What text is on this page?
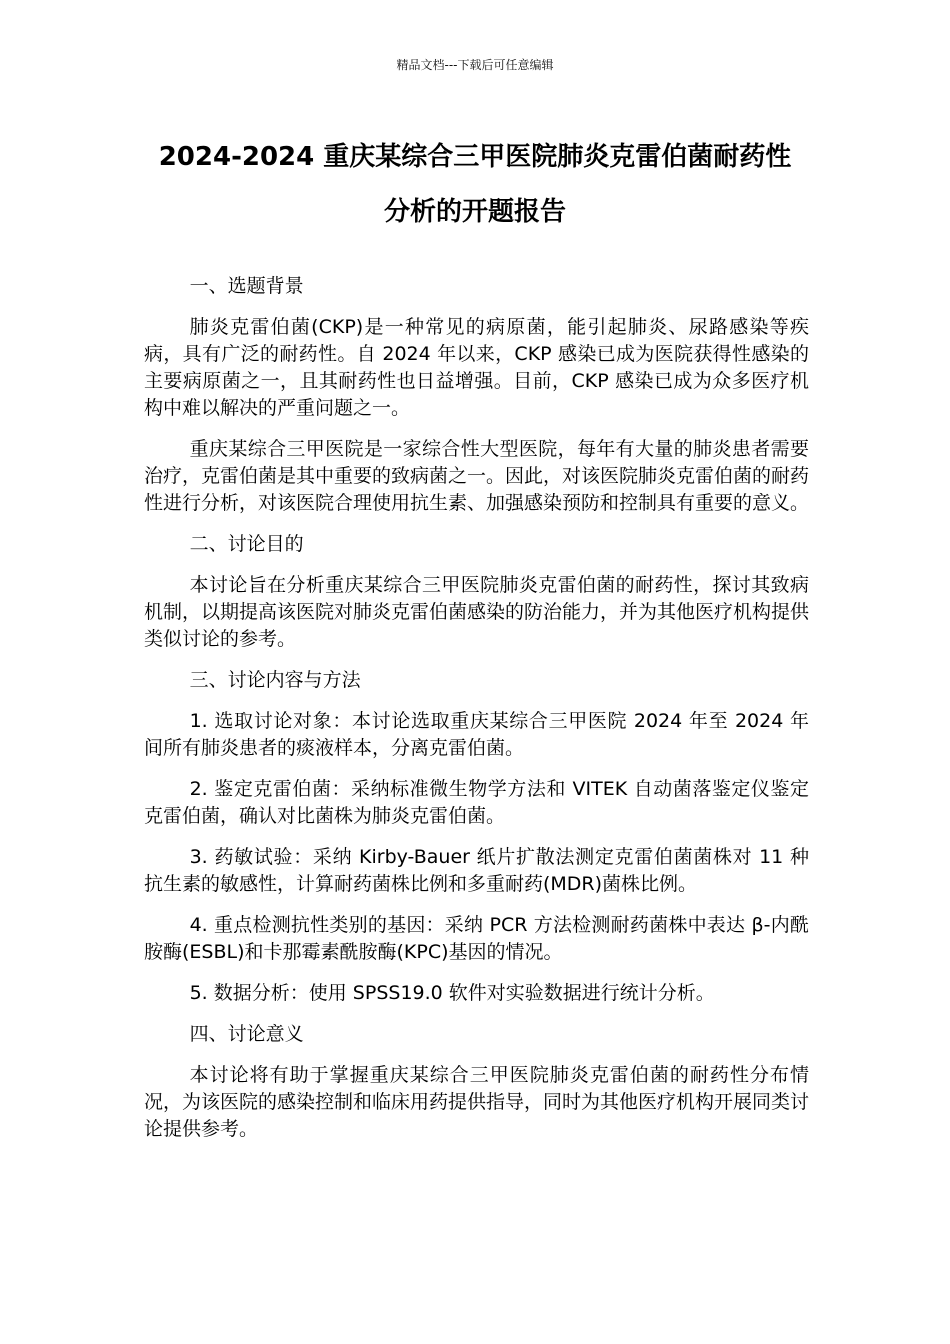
精品文档---下载后可任意编辑
2024-2024 重庆某综合三甲医院肺炎克雷伯菌耐药性
分析的开题报告

一、选题背景

肺炎克雷伯菌(CKP)是一种常见的病原菌，能引起肺炎、尿路感染等疾病，具有广泛的耐药性。自 2024 年以来，CKP 感染已成为医院获得性感染的主要病原菌之一，且其耐药性也日益增强。目前，CKP 感染已成为众多医疗机构中难以解决的严重问题之一。

重庆某综合三甲医院是一家综合性大型医院，每年有大量的肺炎患者需要治疗，克雷伯菌是其中重要的致病菌之一。因此，对该医院肺炎克雷伯菌的耐药性进行分析，对该医院合理使用抗生素、加强感染预防和控制具有重要的意义。

二、讨论目的

本讨论旨在分析重庆某综合三甲医院肺炎克雷伯菌的耐药性，探讨其致病机制，以期提高该医院对肺炎克雷伯菌感染的防治能力，并为其他医疗机构提供类似讨论的参考。

三、讨论内容与方法

1. 选取讨论对象：本讨论选取重庆某综合三甲医院 2024 年至 2024 年间所有肺炎患者的痰液样本，分离克雷伯菌。

2. 鉴定克雷伯菌：采纳标准微生物学方法和 VITEK 自动菌落鉴定仪鉴定克雷伯菌，确认对比菌株为肺炎克雷伯菌。

3. 药敏试验：采纳 Kirby-Bauer 纸片扩散法测定克雷伯菌菌株对 11 种抗生素的敏感性，计算耐药菌株比例和多重耐药(MDR)菌株比例。

4. 重点检测抗性类别的基因：采纳 PCR 方法检测耐药菌株中表达 β-内酰胺酶(ESBL)和卡那霉素酰胺酶(KPC)基因的情况。

5. 数据分析：使用 SPSS19.0 软件对实验数据进行统计分析。

四、讨论意义

本讨论将有助于掌握重庆某综合三甲医院肺炎克雷伯菌的耐药性分布情况，为该医院的感染控制和临床用药提供指导，同时为其他医疗机构开展同类讨论提供参考。
